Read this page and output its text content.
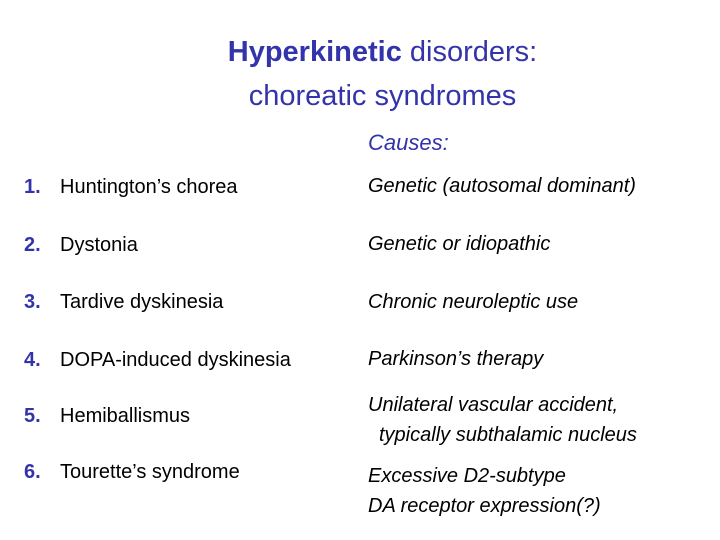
Hyperkinetic disorders:
choreatic syndromes
Causes:
1. Huntington’s chorea	Genetic (autosomal dominant)
2. Dystonia	Genetic or idiopathic
3. Tardive dyskinesia	Chronic neuroleptic use
4. DOPA-induced dyskinesia	Parkinson’s therapy
5. Hemiballismus	Unilateral vascular accident,
typically subthalamic nucleus
6. Tourette’s syndrome	Excessive D2-subtype
DA receptor expression(?)
